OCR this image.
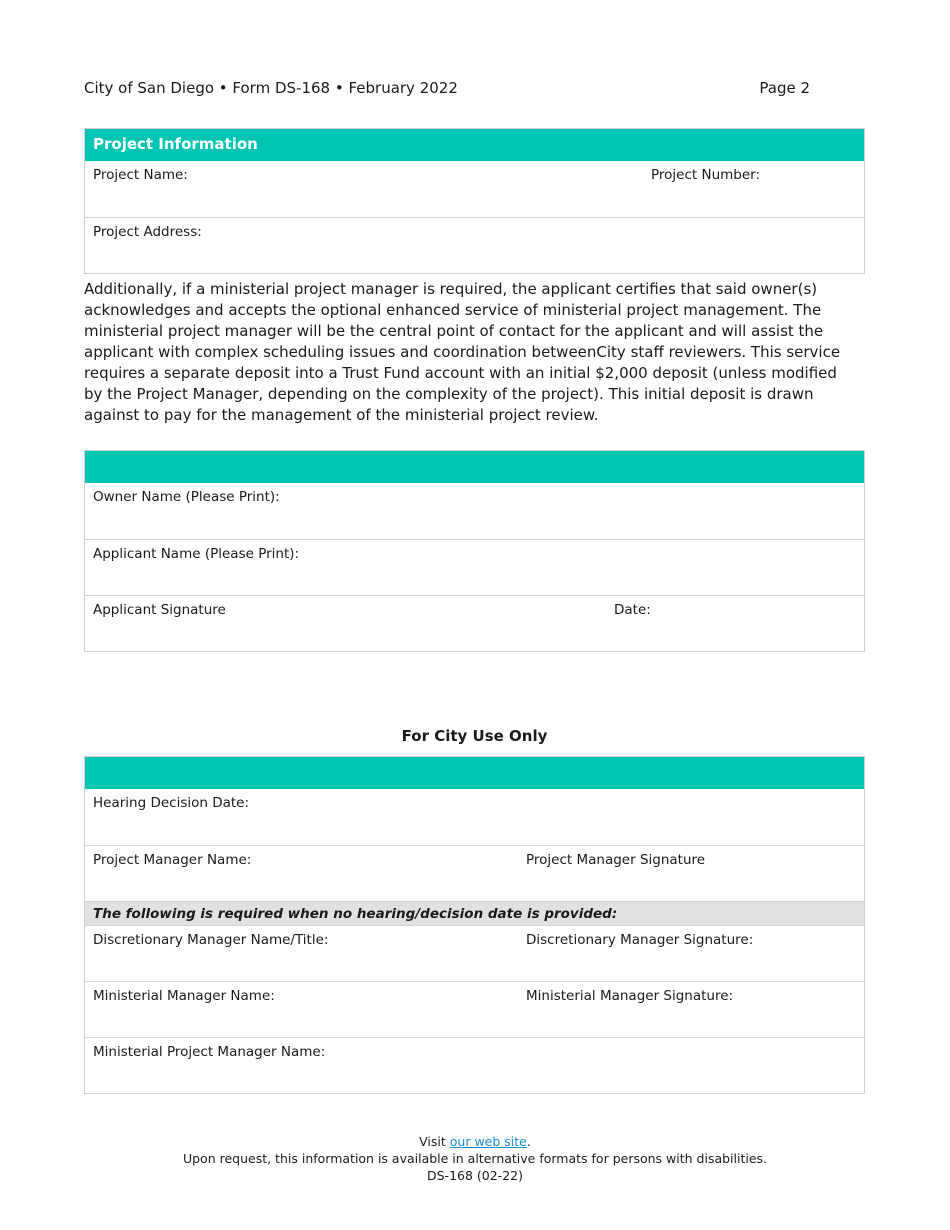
City of San Diego • Form DS-168 • February 2022	Page 2
Project Information
Project Name:	Project Number:
Project Address:
Additionally, if a ministerial project manager is required, the applicant certifies that said owner(s) acknowledges and accepts the optional enhanced service of ministerial project management. The ministerial project manager will be the central point of contact for the applicant and will assist the applicant with complex scheduling issues and coordination betweenCity staff reviewers. This service requires a separate deposit into a Trust Fund account with an initial $2,000 deposit (unless modified by the Project Manager, depending on the complexity of the project). This initial deposit is drawn against to pay for the management of the ministerial project review.
Owner Name (Please Print):
Applicant Name (Please Print):
Applicant Signature	Date:
For City Use Only
Hearing Decision Date:
Project Manager Name:	Project Manager Signature
The following is required when no hearing/decision date is provided:
Discretionary Manager Name/Title:	Discretionary Manager Signature:
Ministerial Manager Name:	Ministerial Manager Signature:
Ministerial Project Manager Name:
Visit our web site.
Upon request, this information is available in alternative formats for persons with disabilities.
DS-168 (02-22)
